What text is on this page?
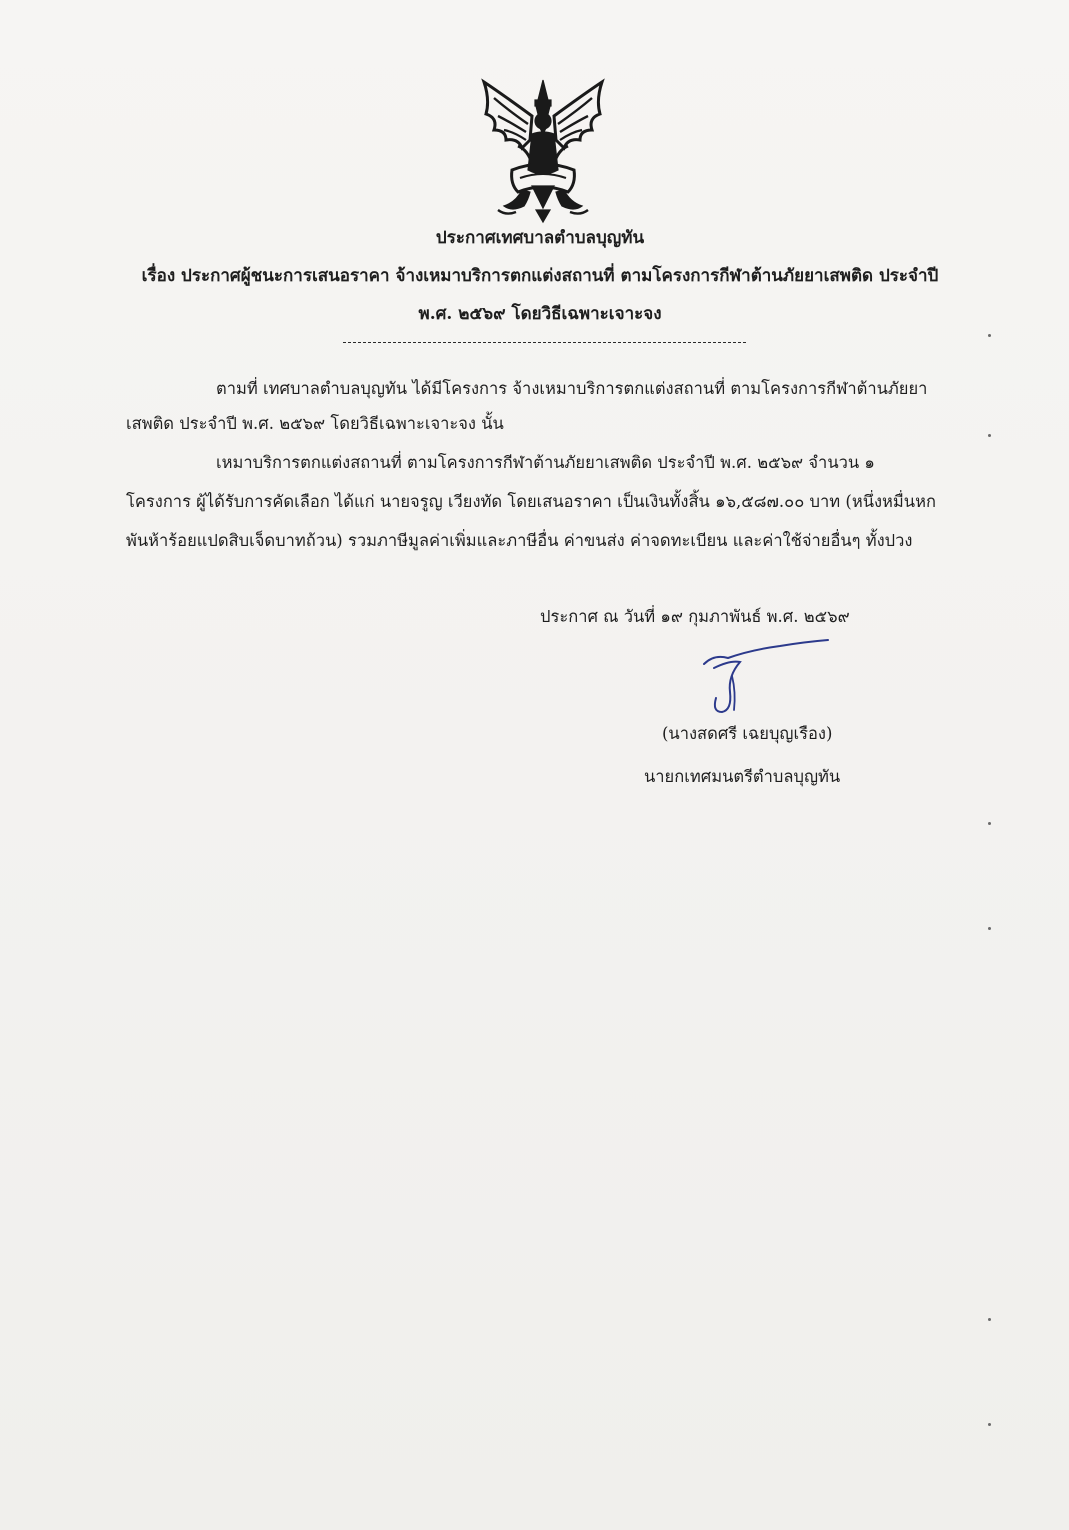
ประกาศเทศบาลตำบลบุญทัน
เรื่อง ประกาศผู้ชนะการเสนอราคา จ้างเหมาบริการตกแต่งสถานที่ ตามโครงการกีฬาต้านภัยยาเสพติด ประจำปี
พ.ศ. ๒๕๖๙ โดยวิธีเฉพาะเจาะจง
ตามที่ เทศบาลตำบลบุญทัน ได้มีโครงการ จ้างเหมาบริการตกแต่งสถานที่ ตามโครงการกีฬาต้านภัยยา
เสพติด ประจำปี พ.ศ. ๒๕๖๙ โดยวิธีเฉพาะเจาะจง นั้น
เหมาบริการตกแต่งสถานที่ ตามโครงการกีฬาต้านภัยยาเสพติด ประจำปี พ.ศ. ๒๕๖๙ จำนวน ๑
โครงการ ผู้ได้รับการคัดเลือก ได้แก่ นายจรูญ เวียงทัด โดยเสนอราคา เป็นเงินทั้งสิ้น ๑๖,๕๘๗.๐๐ บาท (หนึ่งหมื่นหก
พันห้าร้อยแปดสิบเจ็ดบาทถ้วน) รวมภาษีมูลค่าเพิ่มและภาษีอื่น ค่าขนส่ง ค่าจดทะเบียน และค่าใช้จ่ายอื่นๆ ทั้งปวง
ประกาศ ณ วันที่ ๑๙ กุมภาพันธ์ พ.ศ. ๒๕๖๙
(นางสดศรี เฉยบุญเรือง)
นายกเทศมนตรีตำบลบุญทัน
